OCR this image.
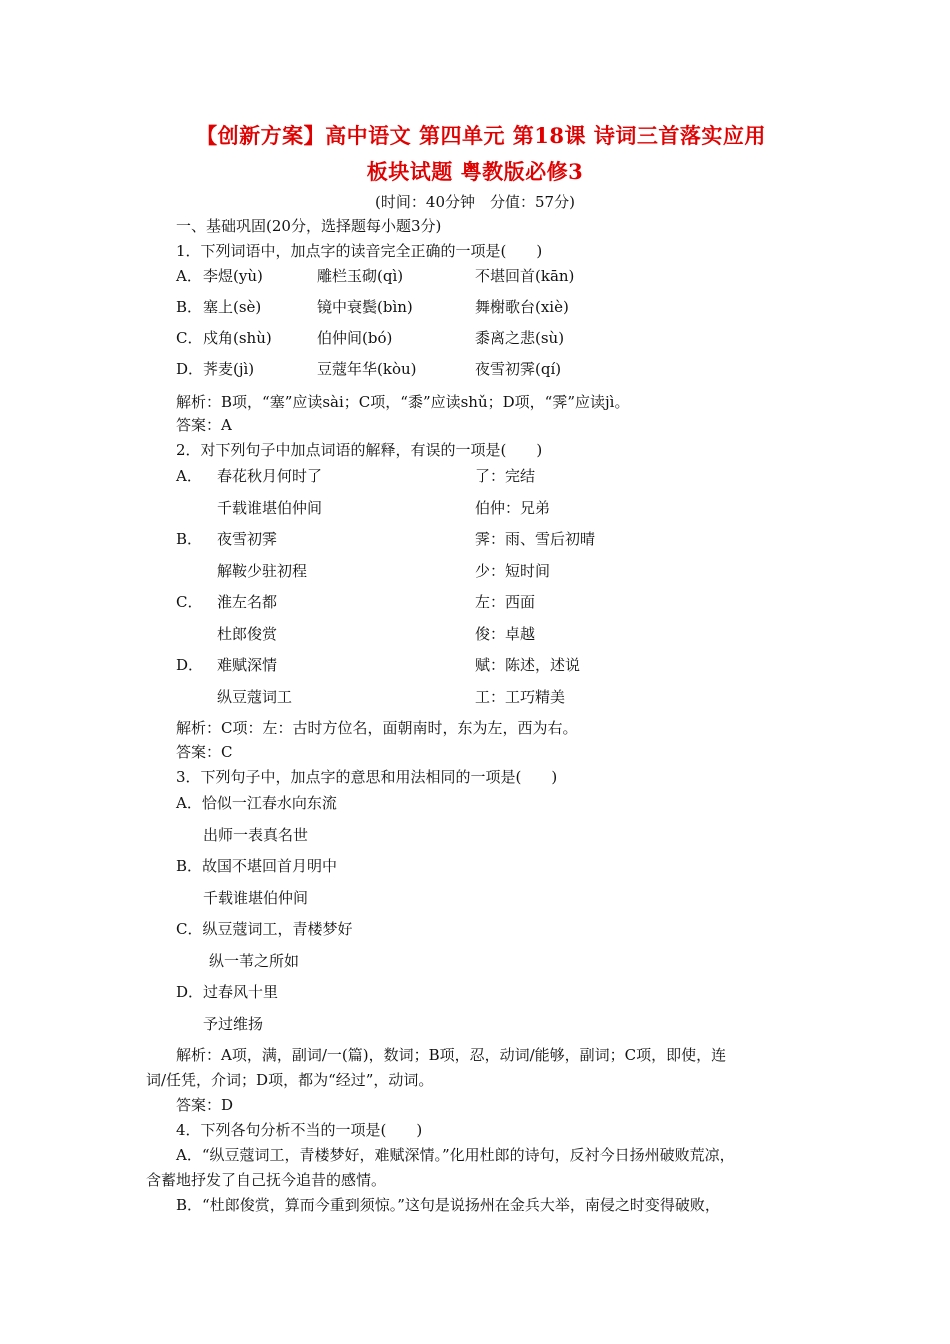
【创新方案】高中语文 第四单元 第18课 诗词三首落实应用
板块试题 粤教版必修3
(时间：40分钟　分值：57分)
一、基础巩固(20分，选择题每小题3分)
1．下列词语中，加点字的读音完全正确的一项是(　　)
A． 李煜(yù)	雕栏玉砌(qì)	不堪回首(kān)
B． 塞上(sè)	镜中衰鬓(bìn)	舞榭歌台(xiè)
C． 戍角(shù)	伯仲间(bó)	黍离之悲(sù)
D． 荠麦(jì)	豆蔻年华(kòu)	夜雪初霁(qí)
解析：B项，“塞”应读sài；C项，“黍”应读shǔ；D项，“霁”应读jì。
答案：A
2．对下列句子中加点词语的解释，有误的一项是(　　)
A． 春花秋月何时了	了：完结
千载谁堪伯仲间	伯仲：兄弟
B． 夜雪初霁	霁：雨、雪后初晴
解鞍少驻初程	少：短时间
C． 淮左名都	左：西面
杜郎俊赏	俊：卓越
D． 难赋深情	赋：陈述，述说
纵豆蔻词工	工：工巧精美
解析：C项：左：古时方位名，面朝南时，东为左，西为右。
答案：C
3．下列句子中，加点字的意思和用法相同的一项是(　　)
A．恰似一江春水向东流
出师一表真名世
B．故国不堪回首月明中
千载谁堪伯仲间
C．纵豆蔻词工，青楼梦好
纵一苇之所如
D．过春风十里
予过维扬
解析：A项，满，副词/一(篇)，数词；B项，忍，动词/能够，副词；C项，即使，连
词/任凭，介词；D项，都为“经过”，动词。
答案：D
4．下列各句分析不当的一项是(　　)
A．“纵豆蔻词工，青楼梦好，难赋深情。”化用杜郎的诗句，反衬今日扬州破败荒凉，
含蓄地抒发了自己抚今追昔的感情。
B．“杜郎俊赏，算而今重到须惊。”这句是说扬州在金兵大举，南侵之时变得破败，
